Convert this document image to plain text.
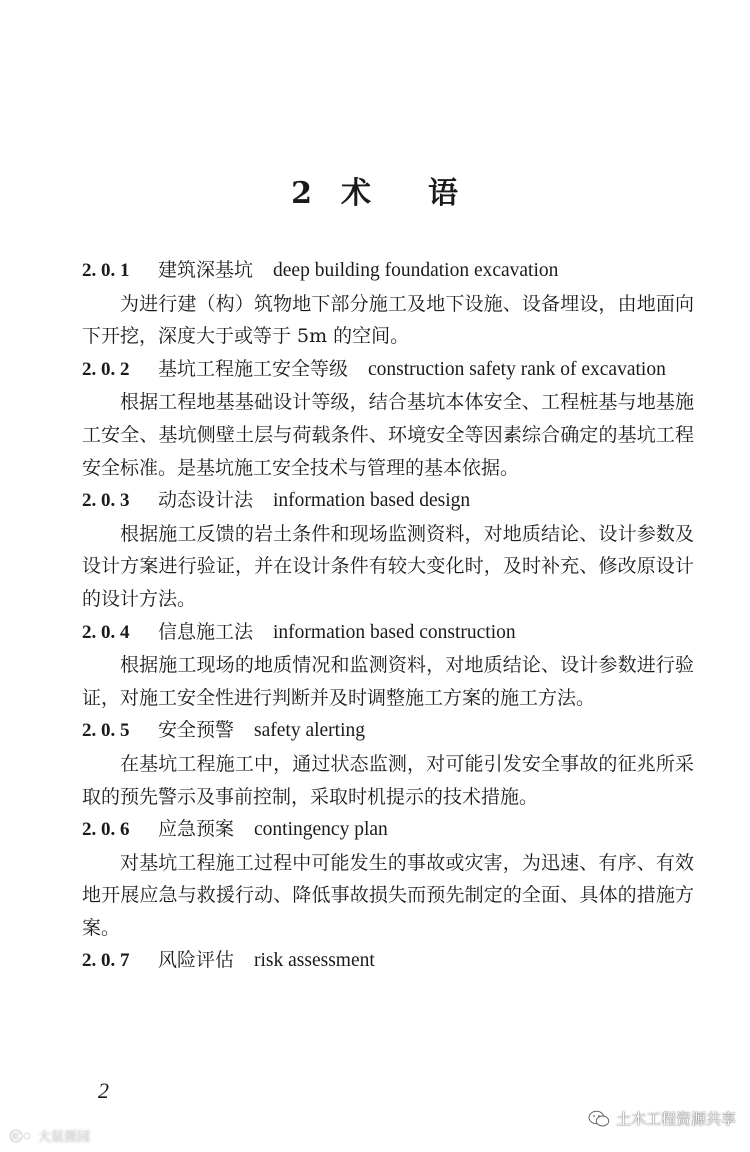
2 术 语
2. 0. 1 建筑深基坑 deep building foundation excavation

为进行建（构）筑物地下部分施工及地下设施、设备埋设，由地面向下开挖，深度大于或等于 5m 的空间。

2. 0. 2 基坑工程施工安全等级 construction safety rank of excavation

根据工程地基基础设计等级，结合基坑本体安全、工程桩基与地基施工安全、基坑侧壁土层与荷载条件、环境安全等因素综合确定的基坑工程安全标准。是基坑施工安全技术与管理的基本依据。

2. 0. 3 动态设计法 information based design

根据施工反馈的岩土条件和现场监测资料，对地质结论、设计参数及设计方案进行验证，并在设计条件有较大变化时，及时补充、修改原设计的设计方法。

2. 0. 4 信息施工法 information based construction

根据施工现场的地质情况和监测资料，对地质结论、设计参数进行验证，对施工安全性进行判断并及时调整施工方案的施工方法。

2. 0. 5 安全预警 safety alerting

在基坑工程施工中，通过状态监测，对可能引发安全事故的征兆所采取的预先警示及事前控制，采取时机提示的技术措施。

2. 0. 6 应急预案 contingency plan

对基坑工程施工过程中可能发生的事故或灾害，为迅速、有序、有效地开展应急与救援行动、降低事故损失而预先制定的全面、具体的措施方案。

2. 0. 7 风险评估 risk assessment
2
土木工程资源共享
IC 大鼠摄园
